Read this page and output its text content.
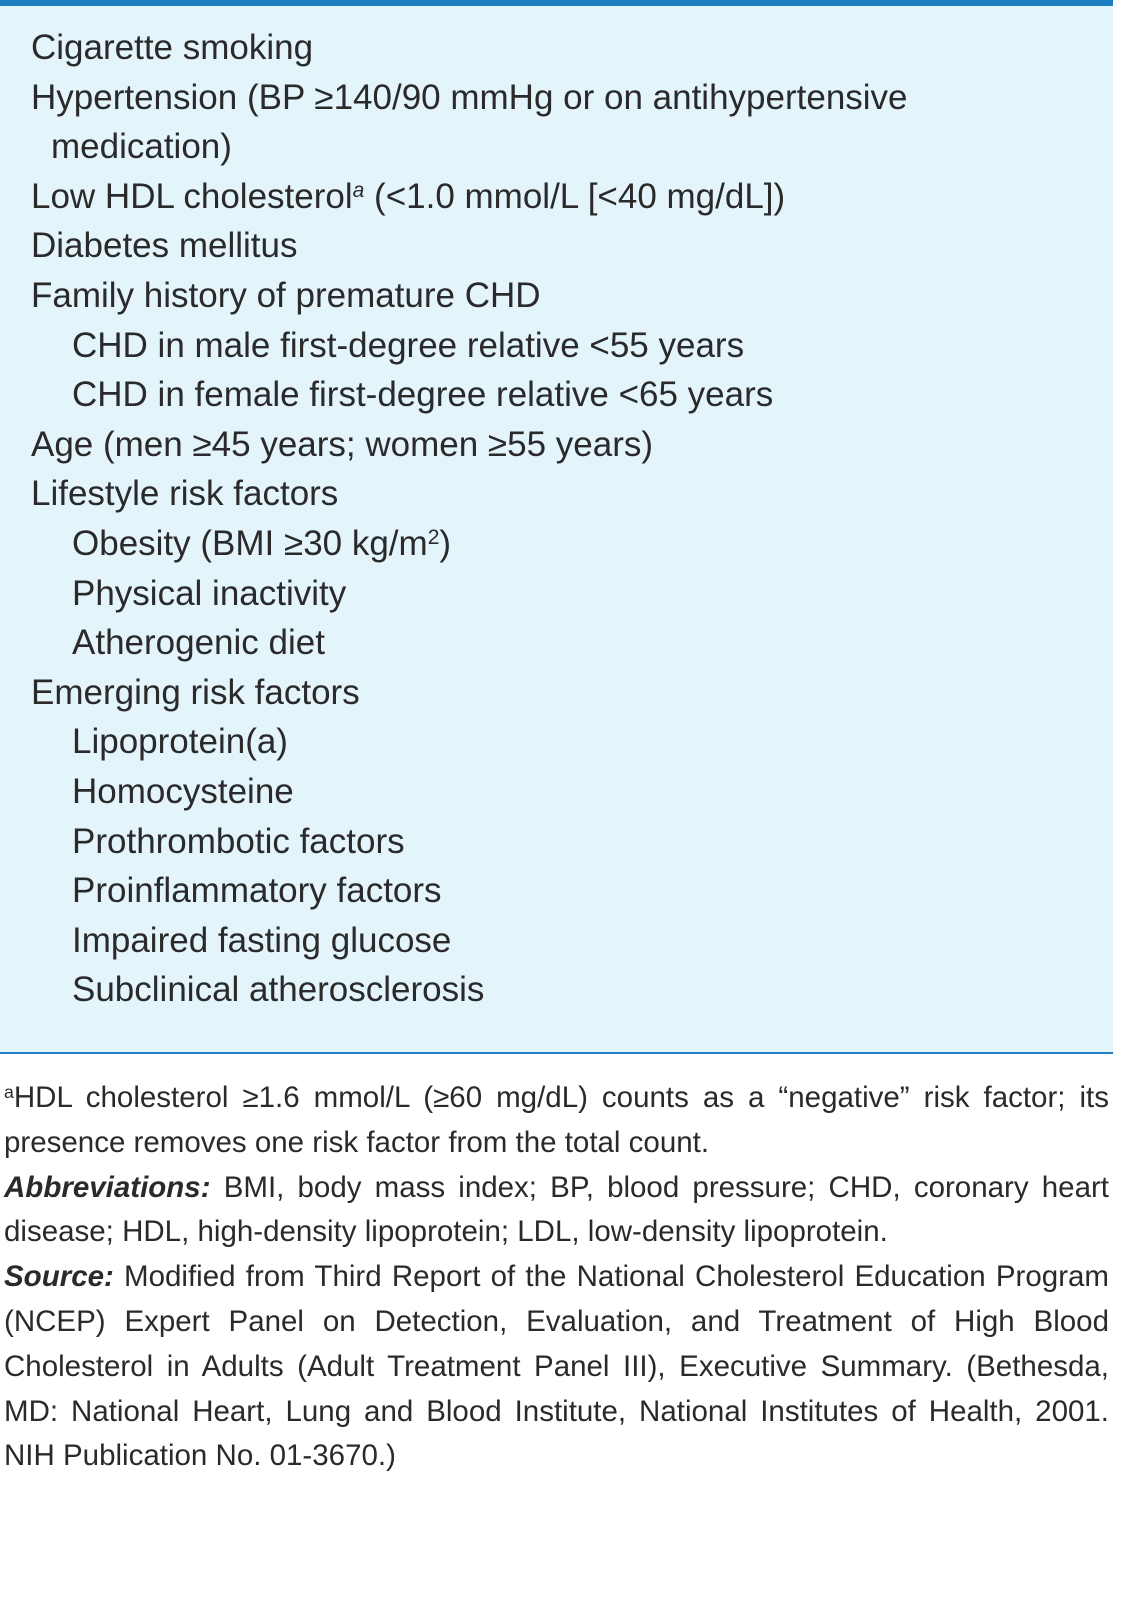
Cigarette smoking
Hypertension (BP ≥140/90 mmHg or on antihypertensive
medication)
Low HDL cholesterol$^a$ (<1.0 mmol/L [<40 mg/dL])
Diabetes mellitus
Family history of premature CHD
CHD in male first-degree relative <55 years
CHD in female first-degree relative <65 years
Age (men ≥45 years; women ≥55 years)
Lifestyle risk factors
Obesity (BMI ≥30 $kg/m^2$)
Physical inactivity
Atherogenic diet
Emerging risk factors
Lipoprotein(a)
Homocysteine
Prothrombotic factors
Proinflammatory factors
Impaired fasting glucose
Subclinical atherosclerosis

$^a$HDL cholesterol ≥1.6 mmol/L (≥60 mg/dL) counts as a “negative” risk factor; its presence removes one risk factor from the total count.

Abbreviations: BMI, body mass index; BP, blood pressure; CHD, coronary heart disease; HDL, high-density lipoprotein; LDL, low-density lipoprotein.

Source: Modified from Third Report of the National Cholesterol Education Program (NCEP) Expert Panel on Detection, Evaluation, and Treatment of High Blood Cholesterol in Adults (Adult Treatment Panel III), Executive Summary. (Bethesda, MD: National Heart, Lung and Blood Institute, National Institutes of Health, 2001. NIH Publication No. 01-3670.)
